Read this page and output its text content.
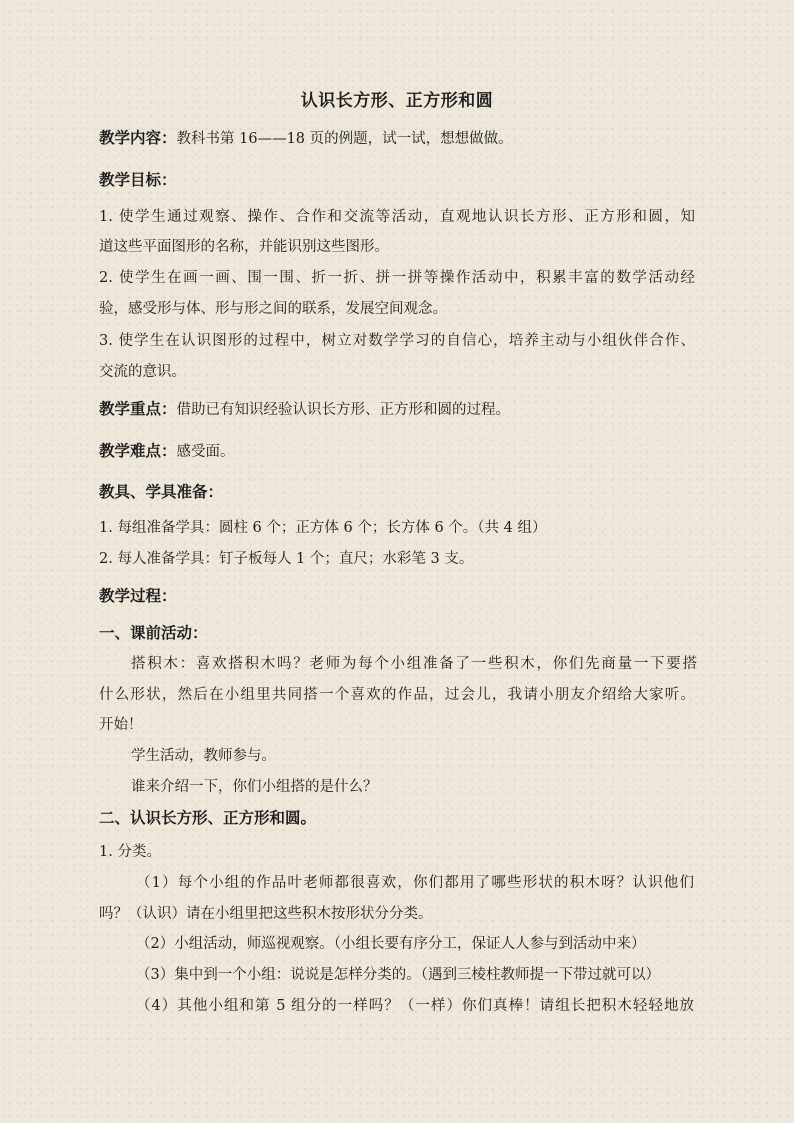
认识长方形、正方形和圆
教学内容：教科书第 16——18 页的例题，试一试，想想做做。
教学目标：
1. 使学生通过观察、操作、合作和交流等活动，直观地认识长方形、正方形和圆，知
道这些平面图形的名称，并能识别这些图形。
2. 使学生在画一画、围一围、折一折、拼一拼等操作活动中，积累丰富的数学活动经
验，感受形与体、形与形之间的联系，发展空间观念。
3. 使学生在认识图形的过程中，树立对数学学习的自信心，培养主动与小组伙伴合作、
交流的意识。
教学重点：借助已有知识经验认识长方形、正方形和圆的过程。
教学难点：感受面。
教具、学具准备：
1. 每组准备学具：圆柱 6 个；正方体 6 个；长方体 6 个。（共 4 组）
2. 每人准备学具：钉子板每人 1 个；直尺；水彩笔 3 支。
教学过程：
一、课前活动：
搭积木：喜欢搭积木吗？老师为每个小组准备了一些积木，你们先商量一下要搭
什么形状，然后在小组里共同搭一个喜欢的作品，过会儿，我请小朋友介绍给大家听。
开始！
学生活动，教师参与。
谁来介绍一下，你们小组搭的是什么？
二、认识长方形、正方形和圆。
1. 分类。
（1）每个小组的作品叶老师都很喜欢，你们都用了哪些形状的积木呀？认识他们
吗？（认识）请在小组里把这些积木按形状分分类。
（2）小组活动，师巡视观察。（小组长要有序分工，保证人人参与到活动中来）
（3）集中到一个小组：说说是怎样分类的。（遇到三棱柱教师提一下带过就可以）
（4）其他小组和第 5 组分的一样吗？（一样）你们真棒！请组长把积木轻轻地放
